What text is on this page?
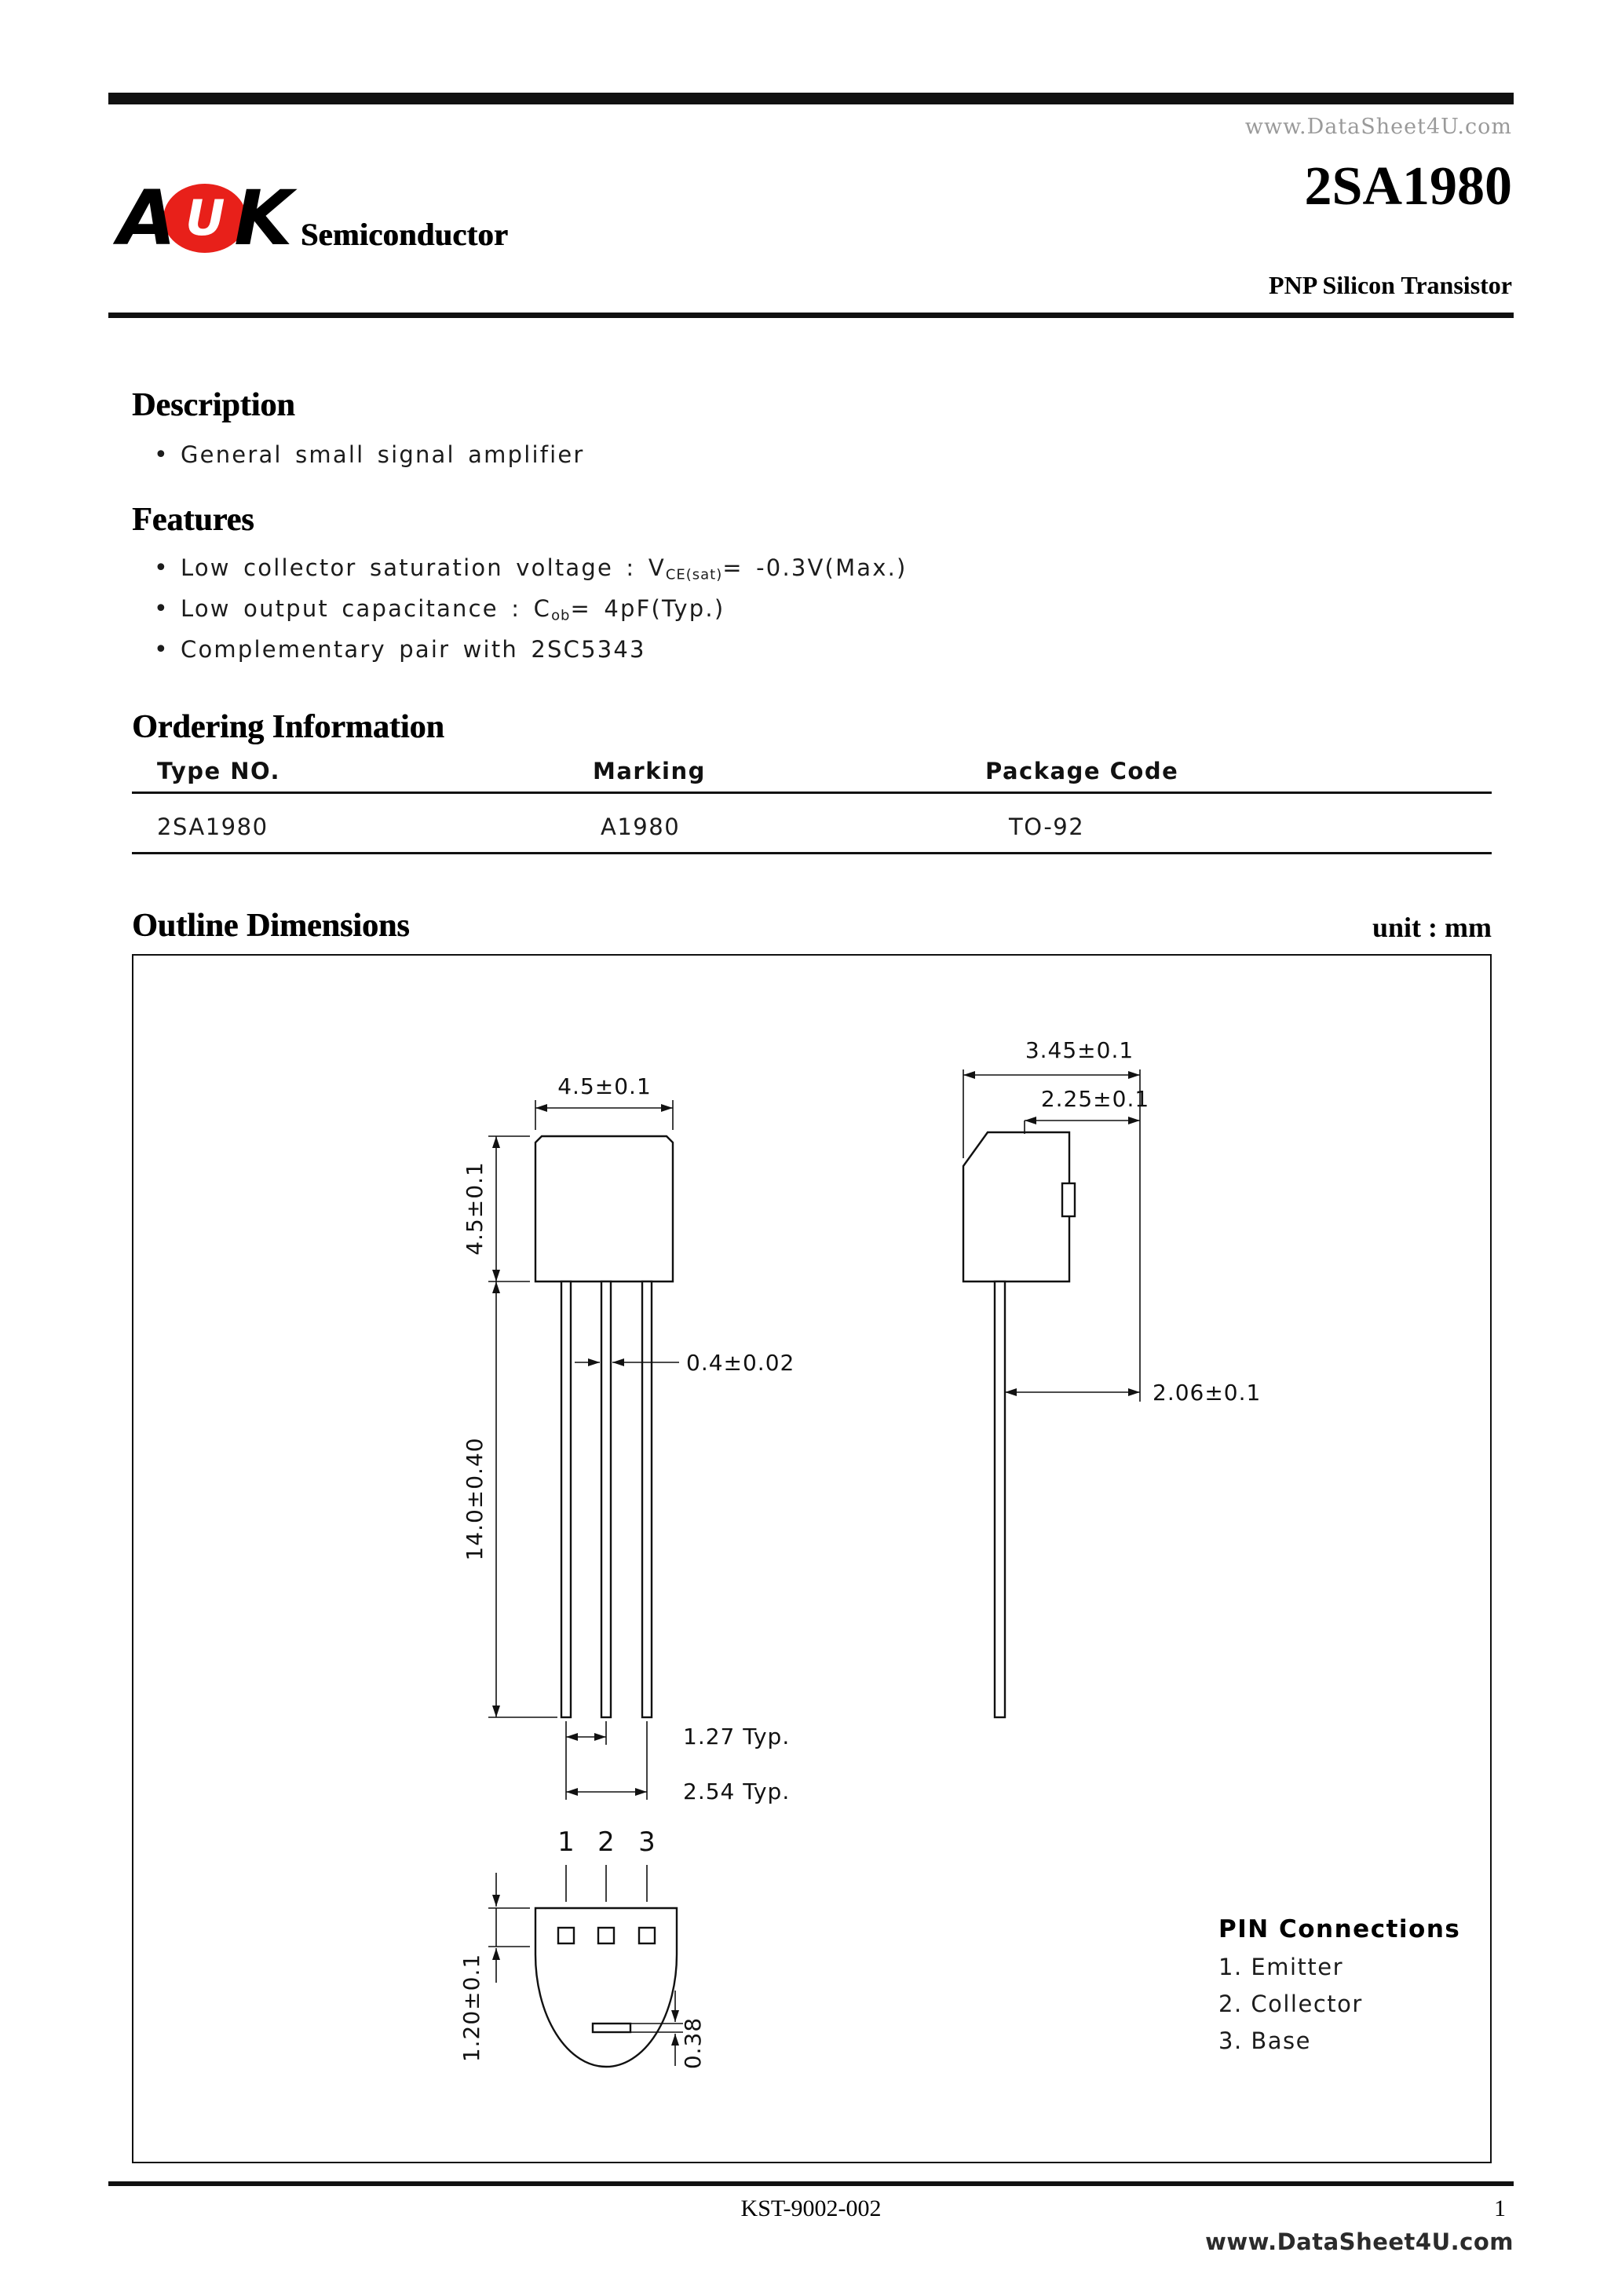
www.DataSheet4U.com
A U K Semiconductor
2SA1980
PNP Silicon Transistor
Description
• General small signal amplifier
Features
• Low collector saturation voltage : $V_{CE(sat)}= -0.3V(Max.)$
• Low output capacitance : $C_{ob}= 4pF(Typ.)$
• Complementary pair with 2SC5343
Ordering Information
Type NO.	Marking	Package Code
2SA1980	A1980	TO-92
Outline Dimensions	unit : mm
4.5±0.1
4.5±0.1
14.0±0.40
0.4±0.02
1.27 Typ.
2.54 Typ.
1 2 3
1.20±0.1	0.38
3.45±0.1
2.25±0.1
2.06±0.1
PIN Connections
1. Emitter
2. Collector
3. Base
KST-9002-002	1
www.DataSheet4U.com
